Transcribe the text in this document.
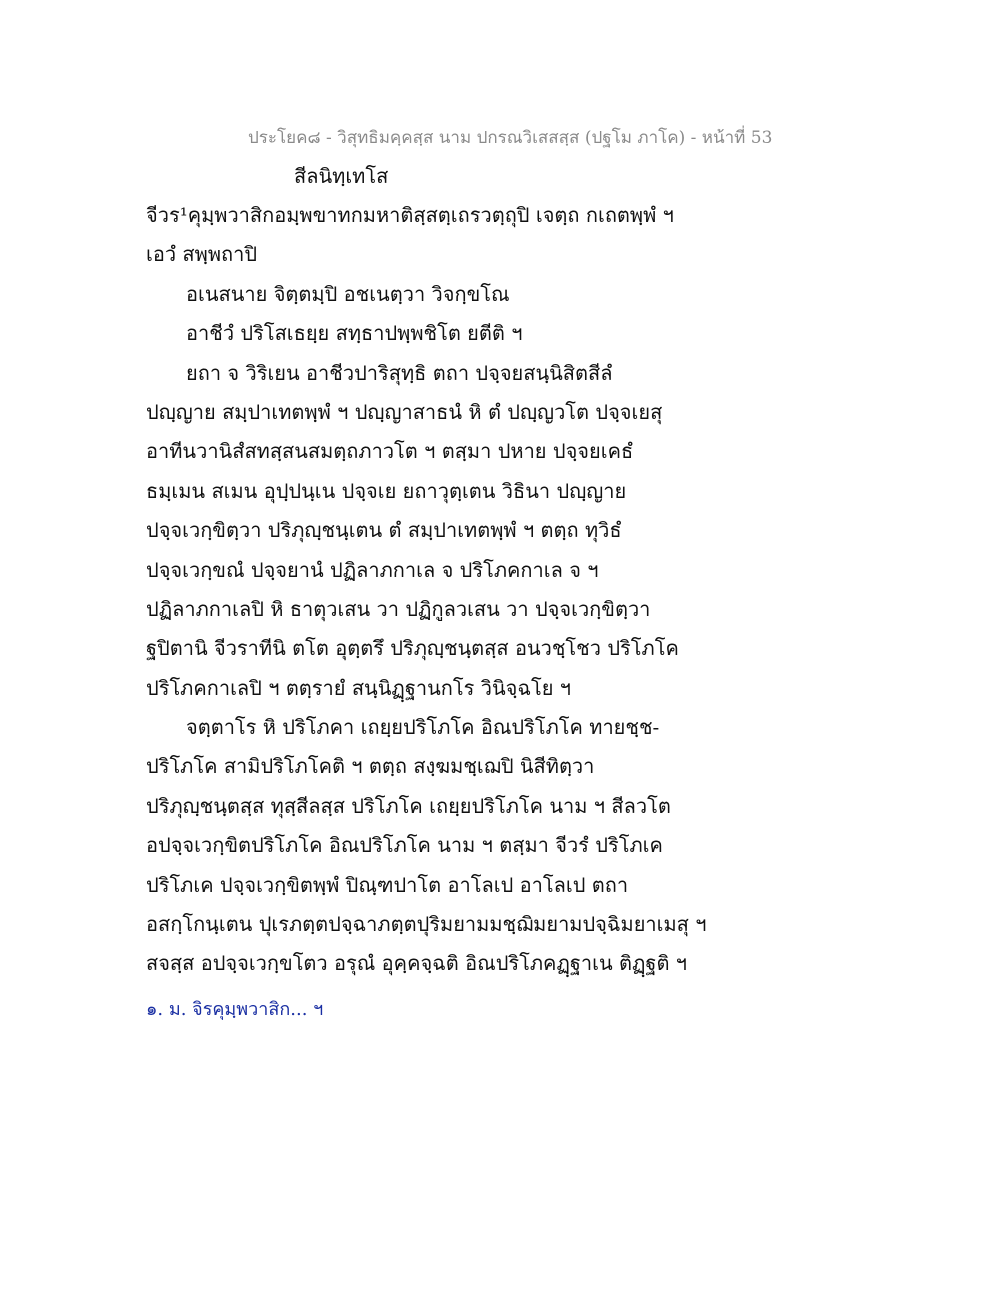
ประโยค๘ - วิสุทธิมคฺคสฺส นาม ปกรณวิเสสสฺส (ปฐโม ภาโค) - หน้าที่ 53
สีลนิทฺเทโส
จีวร¹คุมฺพวาสิกอมฺพขาทกมหาติสฺสตฺเถรวตฺถุปิ เจตฺถ กเถตพฺพํ ฯ
เอวํ สพฺพถาปิ
อเนสนาย จิตฺตมฺปิ อชเนตฺวา วิจกฺขโณ
อาชีวํ ปริโสเธยฺย สทฺธาปพฺพชิโต ยตีติ ฯ
ยถา จ วิริเยน อาชีวปาริสุทฺธิ ตถา ปจฺจยสนฺนิสิตสีลํ
ปญฺญาย สมฺปาเทตพฺพํ ฯ ปญฺญาสาธนํ หิ ตํ ปญฺญวโต ปจฺจเยสุ
อาทีนวานิสํสทสฺสนสมตฺถภาวโต ฯ ตสฺมา ปหาย ปจฺจยเคธํ
ธมฺเมน สเมน อุปฺปนฺเน ปจฺจเย ยถาวุตฺเตน วิธินา ปญฺญาย
ปจฺจเวกฺขิตฺวา ปริภุญฺชนฺเตน ตํ สมฺปาเทตพฺพํ ฯ ตตฺถ ทุวิธํ
ปจฺจเวกฺขณํ ปจฺจยานํ ปฏิลาภกาเล จ ปริโภคกาเล จ ฯ
ปฏิลาภกาเลปิ หิ ธาตุวเสน วา ปฏิกูลวเสน วา ปจฺจเวกฺขิตฺวา
ฐปิตานิ จีวราทีนิ ตโต อุตฺตรึ ปริภุญฺชนฺตสฺส อนวชฺโชว ปริโภโค
ปริโภคกาเลปิ ฯ ตตฺรายํ สนฺนิฏฺฐานกโร วินิจฺฉโย ฯ
จตฺตาโร หิ ปริโภคา เถยฺยปริโภโค อิณปริโภโค ทายชฺช-
ปริโภโค สามิปริโภโคติ ฯ ตตฺถ สงฺฆมชฺเฌปิ นิสีทิตฺวา
ปริภุญฺชนฺตสฺส ทุสฺสีลสฺส ปริโภโค เถยฺยปริโภโค นาม ฯ สีลวโต
อปจฺจเวกฺขิตปริโภโค อิณปริโภโค นาม ฯ ตสฺมา จีวรํ ปริโภเค
ปริโภเค ปจฺจเวกฺขิตพฺพํ ปิณฺฑปาโต อาโลเป อาโลเป ตถา
อสกฺโกนฺเตน ปุเรภตฺตปจฺฉาภตฺตปุริมยามมชฺฌิมยามปจฺฉิมยาเมสุ ฯ
สจสฺส อปจฺจเวกฺขโตว อรุณํ อุคฺคจฺฉติ อิณปริโภคฏฺฐาเน ติฏฺฐติ ฯ
๑. ม. จิรคุมฺพวาสิก... ฯ
